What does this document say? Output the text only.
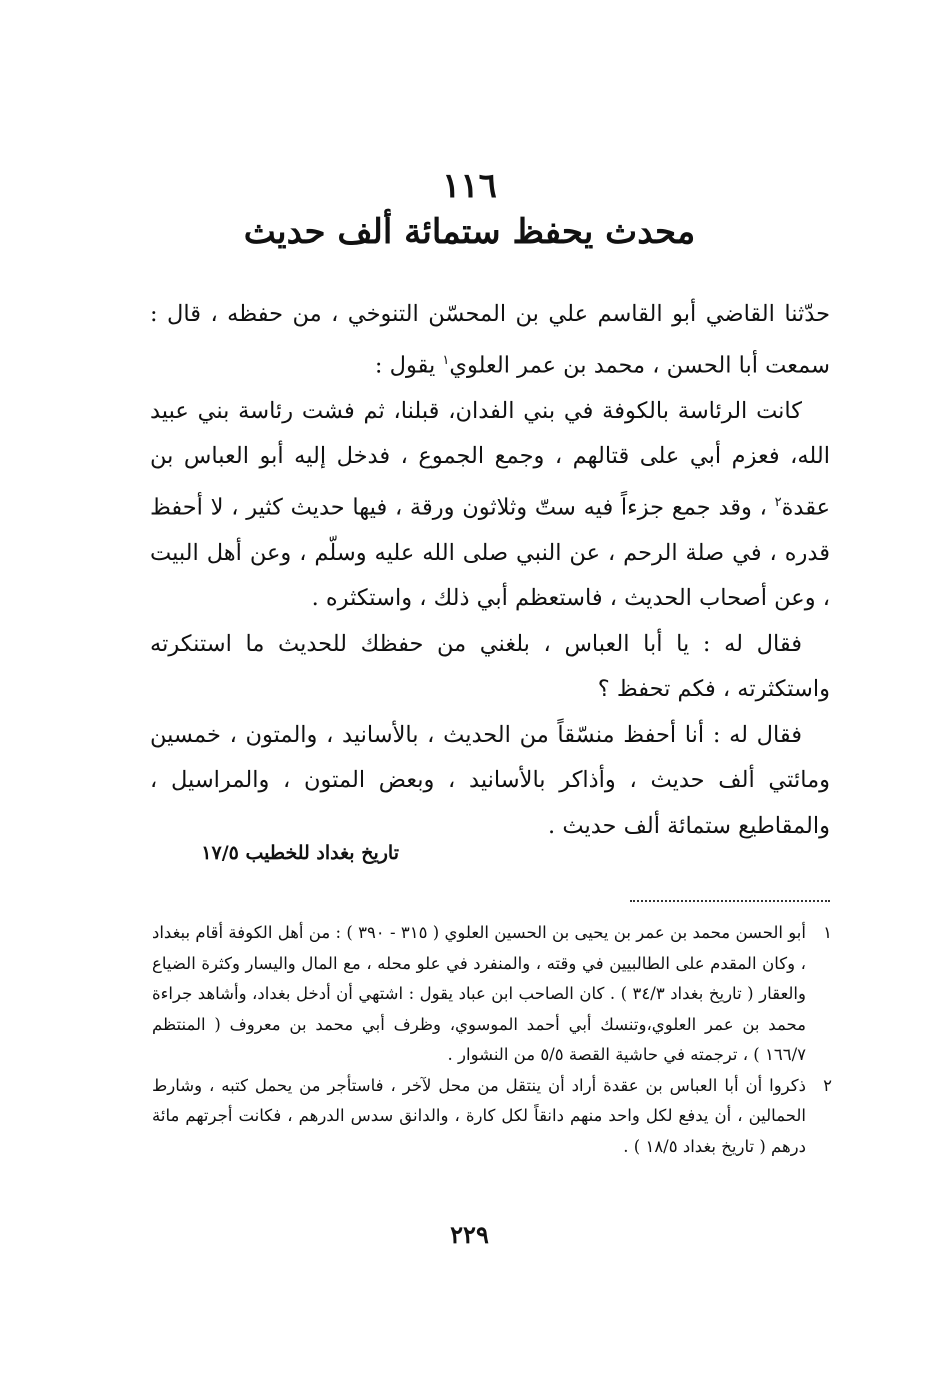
١١٦
محدث يحفظ ستمائة ألف حديث

حدّثنا القاضي أبو القاسم علي بن المحسّن التنوخي ، من حفظه ، قال : سمعت أبا الحسن ، محمد بن عمر العلوي$^١$ يقول :

كانت الرئاسة بالكوفة في بني الفدان، قبلنا، ثم فشت رئاسة بني عبيد الله، فعزم أبي على قتالهم ، وجمع الجموع ، فدخل إليه أبو العباس بن عقدة$^٢$ ، وقد جمع جزءاً فيه ستّ وثلاثون ورقة ، فيها حديث كثير ، لا أحفظ قدره ، في صلة الرحم ، عن النبي صلى الله عليه وسلّم ، وعن أهل البيت ، وعن أصحاب الحديث ، فاستعظم أبي ذلك ، واستكثره .

فقال له : يا أبا العباس ، بلغني من حفظك للحديث ما استنكرته واستكثرته ، فكم تحفظ ؟

فقال له : أنا أحفظ منسّقاً من الحديث ، بالأسانيد ، والمتون ، خمسين ومائتي ألف حديث ، وأذاكر بالأسانيد ، وبعض المتون ، والمراسيل ، والمقاطيع ستمائة ألف حديث .

تاريخ بغداد للخطيب ١٧/٥
١
أبو الحسن محمد بن عمر بن يحيى بن الحسين العلوي ( ٣١٥ - ٣٩٠ ) : من أهل الكوفة أقام ببغداد ، وكان المقدم على الطالبيين في وقته ، والمنفرد في علو محله ، مع المال واليسار وكثرة الضياع والعقار ( تاريخ بغداد ٣٤/٣ ) . كان الصاحب ابن عباد يقول : اشتهي أن أدخل بغداد، وأشاهد جراءة محمد بن عمر العلوي،وتنسك أبي أحمد الموسوي، وظرف أبي محمد بن معروف ( المنتظم ١٦٦/٧ ) ، ترجمته في حاشية القصة ٥/٥ من النشوار .
٢
ذكروا أن أبا العباس بن عقدة أراد أن ينتقل من محل لآخر ، فاستأجر من يحمل كتبه ، وشارط الحمالين ، أن يدفع لكل واحد منهم دانقاً لكل كارة ، والدانق سدس الدرهم ، فكانت أجرتهم مائة درهم ( تاريخ بغداد ١٨/٥ ) .
٢٢٩
